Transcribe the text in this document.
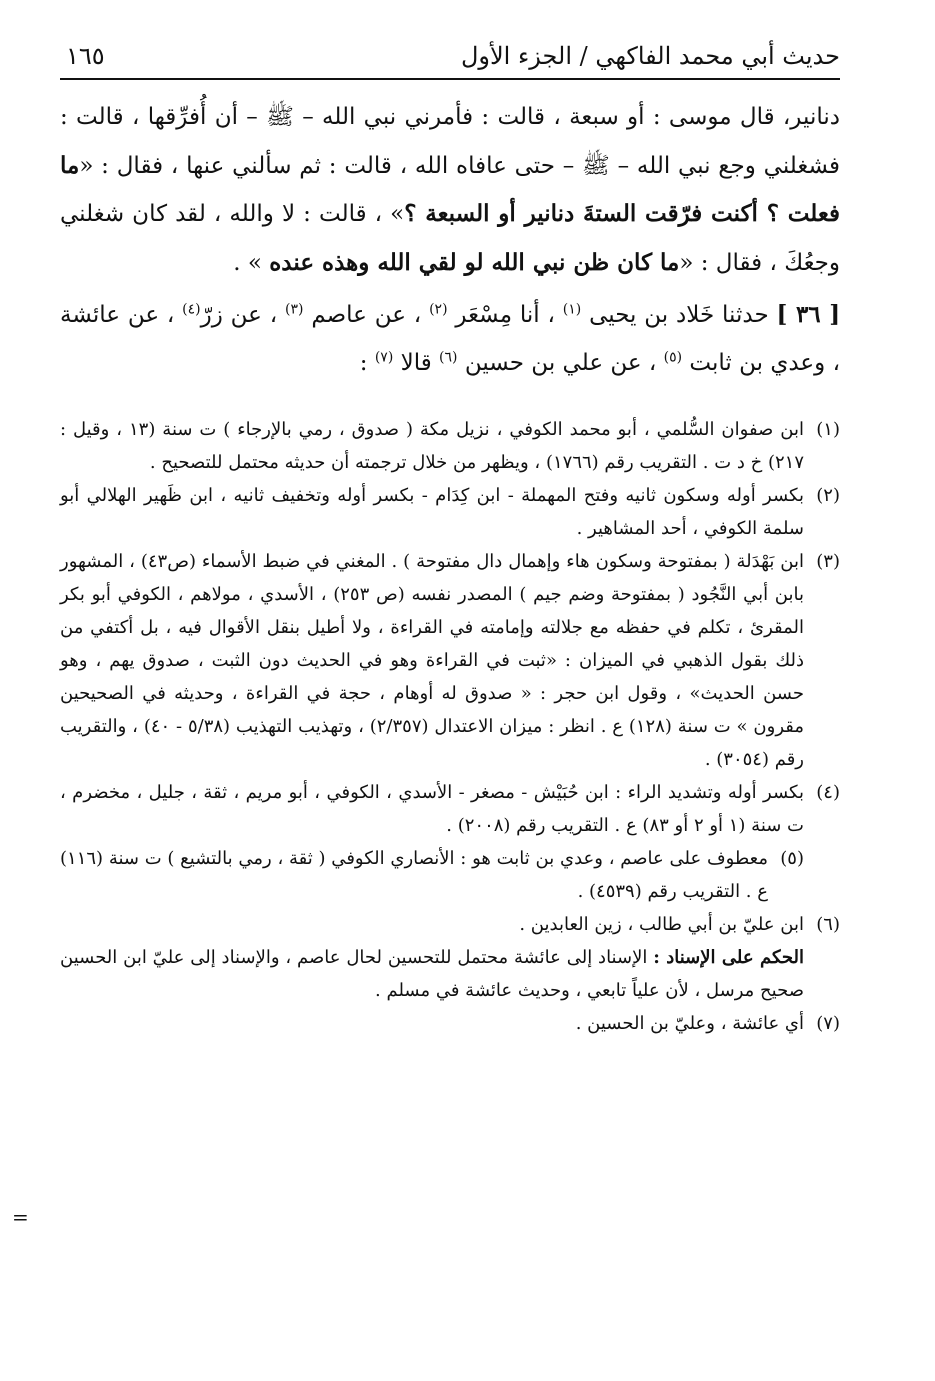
حديث أبي محمد الفاكهي / الجزء الأول
١٦٥

دنانير، قال موسى : أو سبعة ، قالت : فأمرني نبي الله – ﷺ – أن أُفرِّقها ، قالت : فشغلني وجع نبي الله – ﷺ – حتى عافاه الله ، قالت : ثم سألني عنها ، فقال : «ما فعلت ؟ أكنت فرّقت الستةَ دنانير أو السبعة ؟» ، قالت : لا والله ، لقد كان شغلني وجعُكَ ، فقال : «ما كان ظن نبي الله لو لقي الله وهذه عنده » .

[ ٣٦ ] حدثنا خَلاد بن يحيى $^{(١)}$ ، أنا مِسْعَر $^{(٢)}$ ، عن عاصم $^{(٣)}$ ، عن زرّ$^{(٤)}$ ، عن عائشة ، وعدي بن ثابت $^{(٥)}$ ، عن علي بن حسين $^{(٦)}$ قالا $^{(٧)}$ :

(١)
ابن صفوان السُّلمي ، أبو محمد الكوفي ، نزيل مكة ( صدوق ، رمي بالإرجاء ) ت سنة (١٣ ، وقيل : ٢١٧) خ د ت . التقريب رقم (١٧٦٦) ، ويظهر من خلال ترجمته أن حديثه محتمل للتصحيح .
(٢)
بكسر أوله وسكون ثانيه وفتح المهملة - ابن كِدَام - بكسر أوله وتخفيف ثانيه ، ابن ظَهير الهلالي أبو سلمة الكوفي ، أحد المشاهير .
(٣)
ابن بَهْدَلة ( بمفتوحة وسكون هاء وإهمال دال مفتوحة ) . المغني في ضبط الأسماء (ص٤٣) ، المشهور بابن أبي النَّجُود ( بمفتوحة وضم جيم ) المصدر نفسه (ص ٢٥٣) ، الأسدي ، مولاهم ، الكوفي أبو بكر المقرئ ، تكلم في حفظه مع جلالته وإمامته في القراءة ، ولا أطيل بنقل الأقوال فيه ، بل أكتفي من ذلك بقول الذهبي في الميزان : «ثبت في القراءة وهو في الحديث دون الثبت ، صدوق يهم ، وهو حسن الحديث» ، وقول ابن حجر : « صدوق له أوهام ، حجة في القراءة ، وحديثه في الصحيحين مقرون » ت سنة (١٢٨) ع . انظر : ميزان الاعتدال (٢/٣٥٧) ، وتهذيب التهذيب (٥/٣٨ - ٤٠) ، والتقريب رقم (٣٠٥٤) .
(٤)
بكسر أوله وتشديد الراء : ابن حُبَيْش - مصغر - الأسدي ، الكوفي ، أبو مريم ، ثقة ، جليل ، مخضرم ، ت سنة (١ أو ٢ أو ٨٣) ع . التقريب رقم (٢٠٠٨) .
(٥)
معطوف على عاصم ، وعدي بن ثابت هو : الأنصاري الكوفي ( ثقة ، رمي بالتشيع ) ت سنة (١١٦) ع . التقريب رقم (٤٥٣٩) .
(٦)
ابن عليّ بن أبي طالب ، زين العابدين .
الحكم على الإسناد : الإسناد إلى عائشة محتمل للتحسين لحال عاصم ، والإسناد إلى عليّ ابن الحسين صحيح مرسل ، لأن علياً تابعي ، وحديث عائشة في مسلم .
(٧)
أي عائشة ، وعليّ بن الحسين .
=
